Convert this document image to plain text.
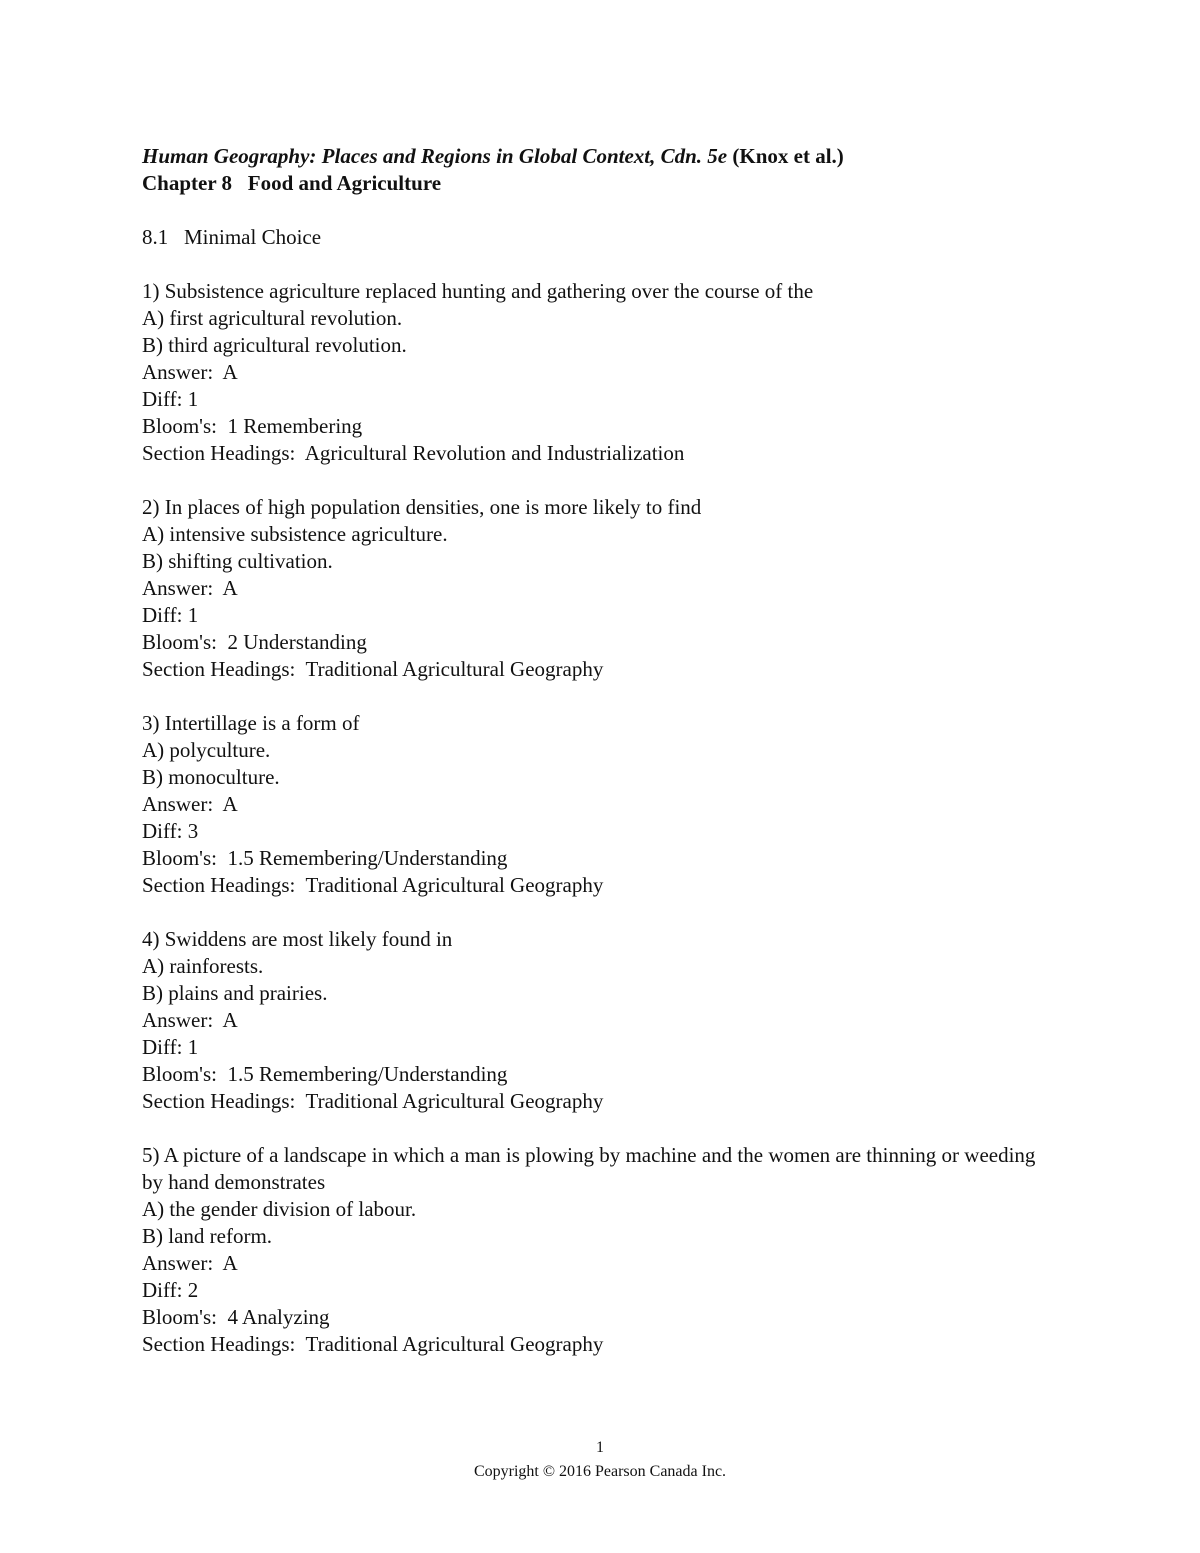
Human Geography: Places and Regions in Global Context, Cdn. 5e (Knox et al.)
Chapter 8   Food and Agriculture
8.1   Minimal Choice
1) Subsistence agriculture replaced hunting and gathering over the course of the
A) first agricultural revolution.
B) third agricultural revolution.
Answer:  A
Diff: 1
Bloom's:  1 Remembering
Section Headings:  Agricultural Revolution and Industrialization
2) In places of high population densities, one is more likely to find
A) intensive subsistence agriculture.
B) shifting cultivation.
Answer:  A
Diff: 1
Bloom's:  2 Understanding
Section Headings:  Traditional Agricultural Geography
3) Intertillage is a form of
A) polyculture.
B) monoculture.
Answer:  A
Diff: 3
Bloom's:  1.5 Remembering/Understanding
Section Headings:  Traditional Agricultural Geography
4) Swiddens are most likely found in
A) rainforests.
B) plains and prairies.
Answer:  A
Diff: 1
Bloom's:  1.5 Remembering/Understanding
Section Headings:  Traditional Agricultural Geography
5) A picture of a landscape in which a man is plowing by machine and the women are thinning or weeding by hand demonstrates
A) the gender division of labour.
B) land reform.
Answer:  A
Diff: 2
Bloom's:  4 Analyzing
Section Headings:  Traditional Agricultural Geography
1
Copyright © 2016 Pearson Canada Inc.
